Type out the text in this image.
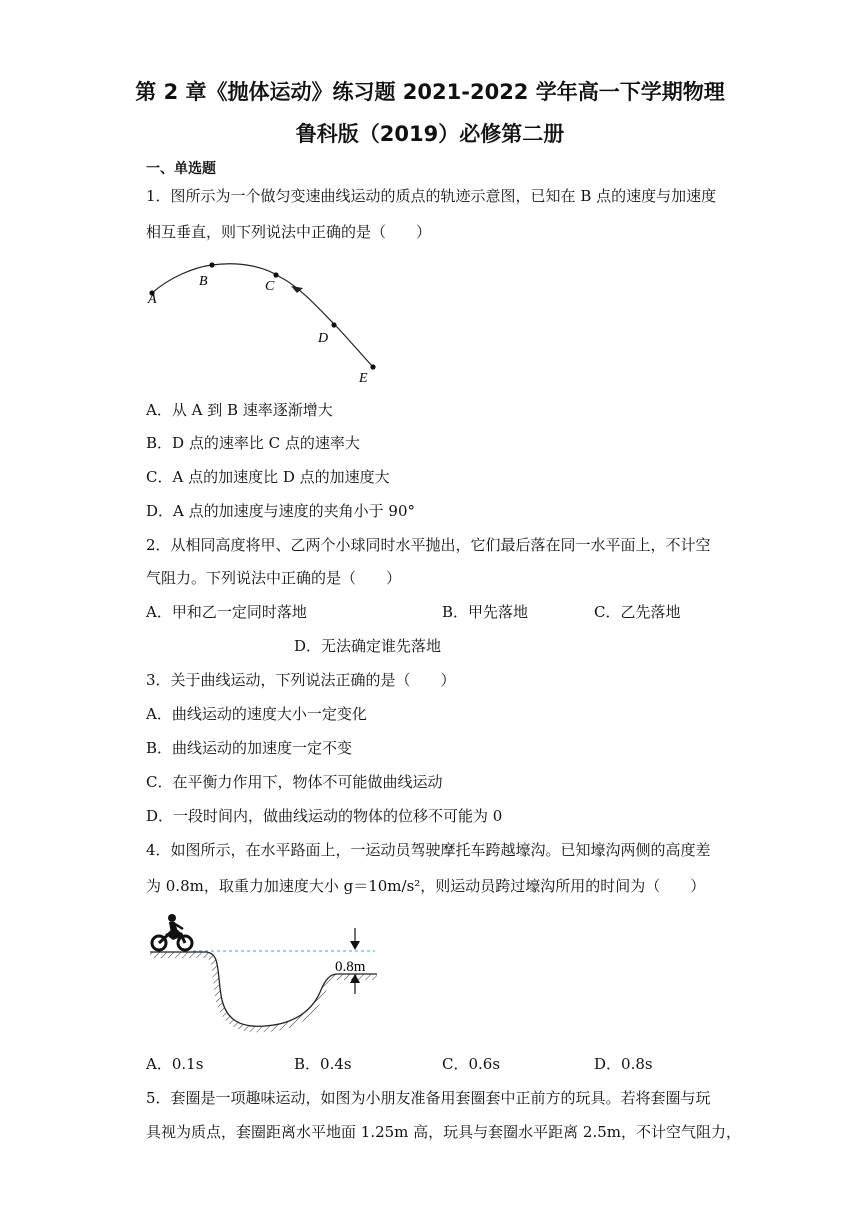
第 2 章《抛体运动》练习题 2021-2022 学年高一下学期物理
鲁科版（2019）必修第二册
一、单选题
1．图所示为一个做匀变速曲线运动的质点的轨迹示意图，已知在 B 点的速度与加速度
相互垂直，则下列说法中正确的是（　　）
A
B	C
D
E
A．从 A 到 B 速率逐渐增大
B．D 点的速率比 C 点的速率大
C．A 点的加速度比 D 点的加速度大
D．A 点的加速度与速度的夹角小于 90°
2．从相同高度将甲、乙两个小球同时水平抛出，它们最后落在同一水平面上，不计空
气阻力。下列说法中正确的是（　　）
A．甲和乙一定同时落地	B．甲先落地	C．乙先落地
D．无法确定谁先落地
3．关于曲线运动，下列说法正确的是（　　）
A．曲线运动的速度大小一定变化
B．曲线运动的加速度一定不变
C．在平衡力作用下，物体不可能做曲线运动
D．一段时间内，做曲线运动的物体的位移不可能为 0
4．如图所示，在水平路面上，一运动员驾驶摩托车跨越壕沟。已知壕沟两侧的高度差
为 0.8m，取重力加速度大小 g＝10m/s²，则运动员跨过壕沟所用的时间为（　　）
0.8m
A．0.1s	B．0.4s	C．0.6s	D．0.8s
5．套圈是一项趣味运动，如图为小朋友准备用套圈套中正前方的玩具。若将套圈与玩
具视为质点，套圈距离水平地面 1.25m 高，玩具与套圈水平距离 2.5m，不计空气阻力，
